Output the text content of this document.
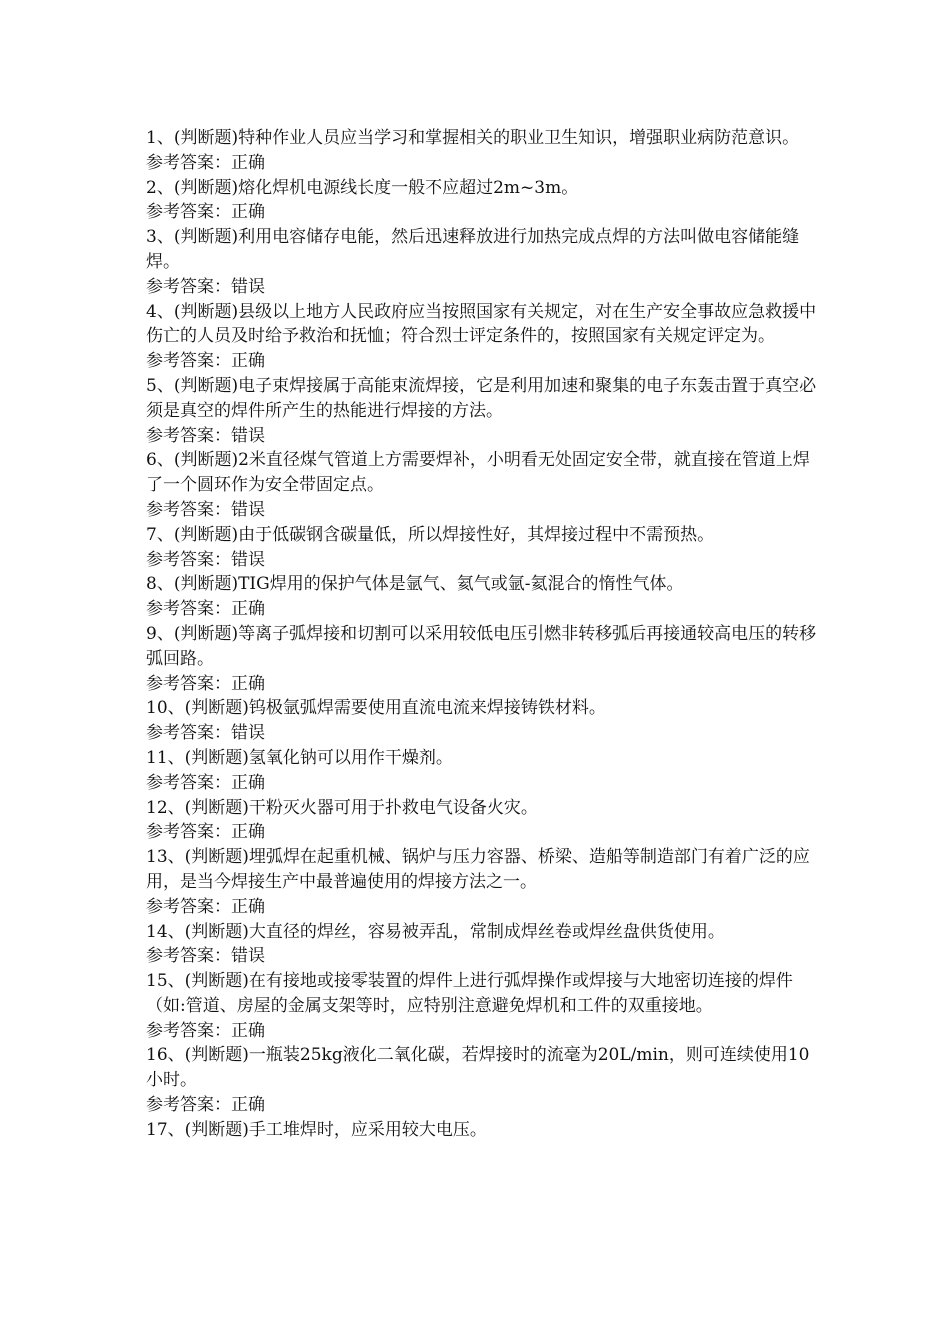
1、(判断题)特种作业人员应当学习和掌握相关的职业卫生知识，增强职业病防范意识。

参考答案：正确

2、(判断题)熔化焊机电源线长度一般不应超过2m~3m。

参考答案：正确

3、(判断题)利用电容储存电能，然后迅速释放进行加热完成点焊的方法叫做电容储能缝焊。

参考答案：错误

4、(判断题)县级以上地方人民政府应当按照国家有关规定，对在生产安全事故应急救援中伤亡的人员及时给予救治和抚恤；符合烈士评定条件的，按照国家有关规定评定为。

参考答案：正确

5、(判断题)电子束焊接属于高能束流焊接，它是利用加速和聚集的电子东轰击置于真空必须是真空的焊件所产生的热能进行焊接的方法。

参考答案：错误

6、(判断题)2米直径煤气管道上方需要焊补，小明看无处固定安全带，就直接在管道上焊了一个圆环作为安全带固定点。

参考答案：错误

7、(判断题)由于低碳钢含碳量低，所以焊接性好，其焊接过程中不需预热。

参考答案：错误

8、(判断题)TIG焊用的保护气体是氩气、氦气或氩-氦混合的惰性气体。

参考答案：正确

9、(判断题)等离子弧焊接和切割可以采用较低电压引燃非转移弧后再接通较高电压的转移弧回路。

参考答案：正确

10、(判断题)钨极氩弧焊需要使用直流电流来焊接铸铁材料。

参考答案：错误

11、(判断题)氢氧化钠可以用作干燥剂。

参考答案：正确

12、(判断题)干粉灭火器可用于扑救电气设备火灾。

参考答案：正确

13、(判断题)埋弧焊在起重机械、锅炉与压力容器、桥梁、造船等制造部门有着广泛的应用，是当今焊接生产中最普遍使用的焊接方法之一。

参考答案：正确

14、(判断题)大直径的焊丝，容易被弄乱，常制成焊丝卷或焊丝盘供货使用。

参考答案：错误

15、(判断题)在有接地或接零装置的焊件上进行弧焊操作或焊接与大地密切连接的焊件（如:管道、房屋的金属支架等时，应特别注意避免焊机和工件的双重接地。

参考答案：正确

16、(判断题)一瓶装25kg液化二氧化碳，若焊接时的流毫为20L/min，则可连续使用10小时。

参考答案：正确

17、(判断题)手工堆焊时，应采用较大电压。
